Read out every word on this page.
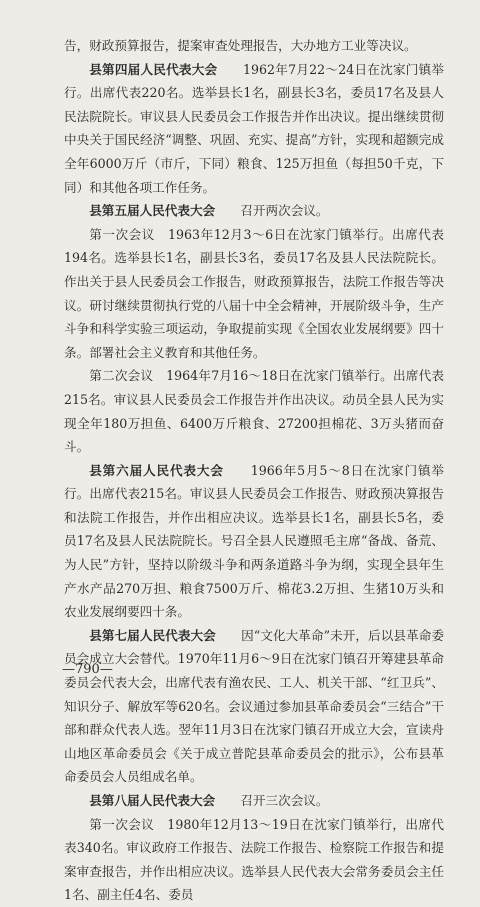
告，财政预算报告，提案审查处理报告，大办地方工业等决议。

县第四届人民代表大会　　1962年7月22～24日在沈家门镇举行。出席代表220名。选举县长1名，副县长3名，委员17名及县人民法院院长。审议县人民委员会工作报告并作出决议。提出继续贯彻中央关于国民经济“调整、巩固、充实、提高”方针，实现和超额完成全年6000万斤（市斤，下同）粮食、125万担鱼（每担50千克，下同）和其他各项工作任务。

县第五届人民代表大会　　召开两次会议。

第一次会议　1963年12月3～6日在沈家门镇举行。出席代表194名。选举县长1名，副县长3名，委员17名及县人民法院院长。作出关于县人民委员会工作报告，财政预算报告，法院工作报告等决议。研讨继续贯彻执行党的八届十中全会精神，开展阶级斗争，生产斗争和科学实验三项运动，争取提前实现《全国农业发展纲要》四十条。部署社会主义教育和其他任务。

第二次会议　1964年7月16～18日在沈家门镇举行。出席代表215名。审议县人民委员会工作报告并作出决议。动员全县人民为实现全年180万担鱼、6400万斤粮食、27200担棉花、3万头猪而奋斗。

县第六届人民代表大会　　1966年5月5～8日在沈家门镇举行。出席代表215名。审议县人民委员会工作报告、财政预决算报告和法院工作报告，并作出相应决议。选举县长1名，副县长5名，委员17名及县人民法院院长。号召全县人民遵照毛主席“备战、备荒、为人民”方针，坚持以阶级斗争和两条道路斗争为纲，实现全县年生产水产品270万担、粮食7500万斤、棉花3.2万担、生猪10万头和农业发展纲要四十条。

县第七届人民代表大会　　因“文化大革命”未开，后以县革命委员会成立大会替代。1970年11月6～9日在沈家门镇召开筹建县革命委员会代表大会，出席代表有渔农民、工人、机关干部、“红卫兵”、知识分子、解放军等620名。会议通过参加县革命委员会“三结合”干部和群众代表人选。翌年11月3日在沈家门镇召开成立大会，宣读舟山地区革命委员会《关于成立普陀县革命委员会的批示》，公布县革命委员会人员组成名单。

县第八届人民代表大会　　召开三次会议。

第一次会议　1980年12月13～19日在沈家门镇举行，出席代表340名。审议政府工作报告、法院工作报告、检察院工作报告和提案审查报告，并作出相应决议。选举县人民代表大会常务委员会主任1名、副主任4名、委员

—790—
